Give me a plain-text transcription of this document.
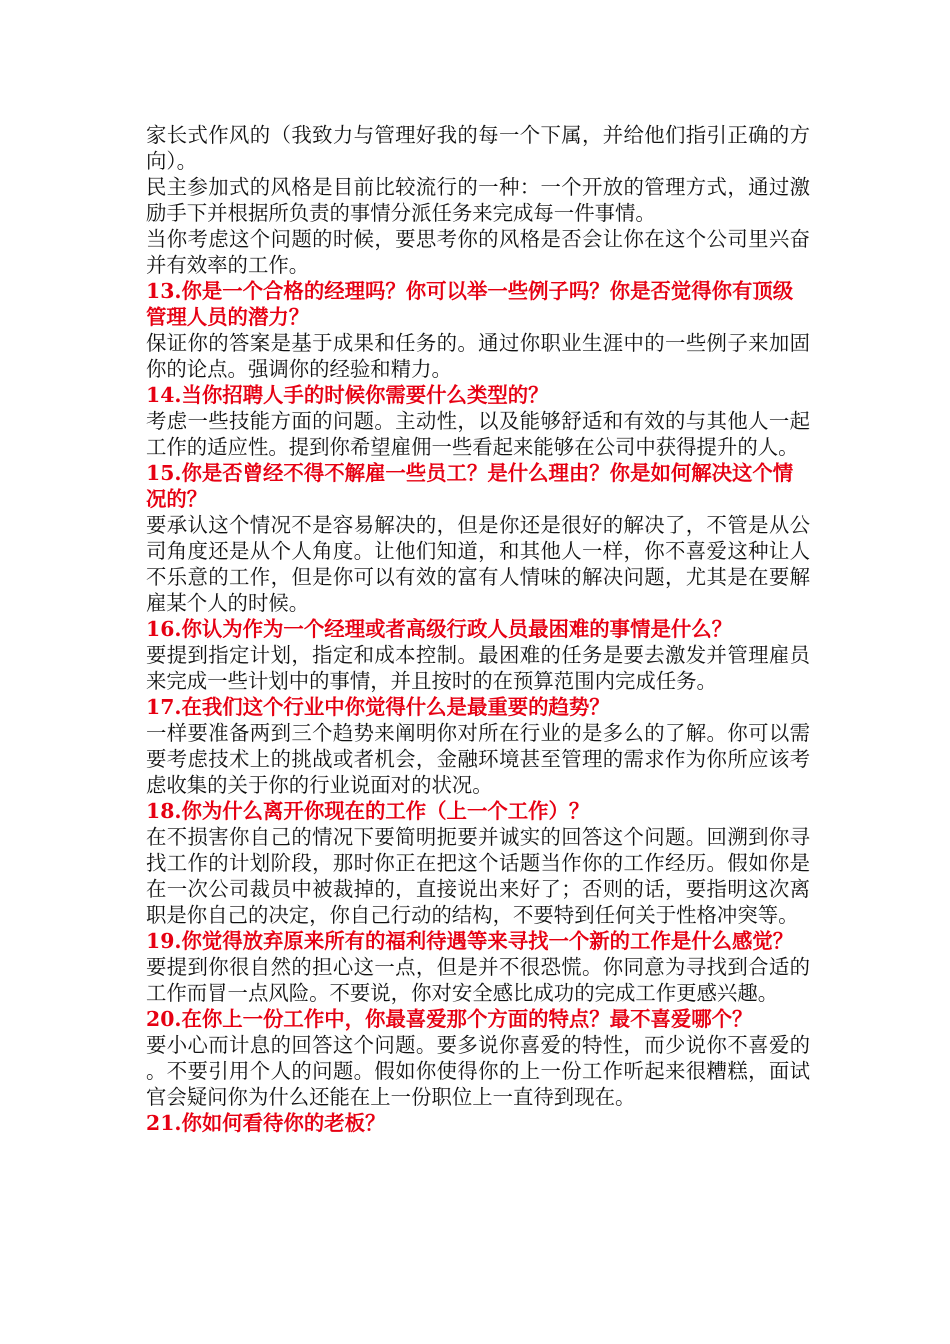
家长式作风的（我致力与管理好我的每一个下属，并给他们指引正确的方向）。

民主参加式的风格是目前比较流行的一种：一个开放的管理方式，通过激励手下并根据所负责的事情分派任务来完成每一件事情。

当你考虑这个问题的时候，要思考你的风格是否会让你在这个公司里兴奋并有效率的工作。

13.你是一个合格的经理吗？你可以举一些例子吗？你是否觉得你有顶级管理人员的潜力？

保证你的答案是基于成果和任务的。通过你职业生涯中的一些例子来加固你的论点。强调你的经验和精力。

14.当你招聘人手的时候你需要什么类型的？

考虑一些技能方面的问题。主动性，以及能够舒适和有效的与其他人一起工作的适应性。提到你希望雇佣一些看起来能够在公司中获得提升的人。

15.你是否曾经不得不解雇一些员工？是什么理由？你是如何解决这个情况的？

要承认这个情况不是容易解决的，但是你还是很好的解决了，不管是从公司角度还是从个人角度。让他们知道，和其他人一样，你不喜爱这种让人不乐意的工作，但是你可以有效的富有人情味的解决问题，尤其是在要解雇某个人的时候。

16.你认为作为一个经理或者高级行政人员最困难的事情是什么？

要提到指定计划，指定和成本控制。最困难的任务是要去激发并管理雇员来完成一些计划中的事情，并且按时的在预算范围内完成任务。

17.在我们这个行业中你觉得什么是最重要的趋势？

一样要准备两到三个趋势来阐明你对所在行业的是多么的了解。你可以需要考虑技术上的挑战或者机会，金融环境甚至管理的需求作为你所应该考虑收集的关于你的行业说面对的状况。

18.你为什么离开你现在的工作（上一个工作）？

在不损害你自己的情况下要简明扼要并诚实的回答这个问题。回溯到你寻找工作的计划阶段，那时你正在把这个话题当作你的工作经历。假如你是在一次公司裁员中被裁掉的，直接说出来好了；否则的话，要指明这次离职是你自己的决定，你自己行动的结构，不要特到任何关于性格冲突等。

19.你觉得放弃原来所有的福利待遇等来寻找一个新的工作是什么感觉？

要提到你很自然的担心这一点，但是并不很恐慌。你同意为寻找到合适的工作而冒一点风险。不要说，你对安全感比成功的完成工作更感兴趣。

20.在你上一份工作中，你最喜爱那个方面的特点？最不喜爱哪个？

要小心而计息的回答这个问题。要多说你喜爱的特性，而少说你不喜爱的。不要引用个人的问题。假如你使得你的上一份工作听起来很糟糕，面试官会疑问你为什么还能在上一份职位上一直待到现在。

21.你如何看待你的老板？
